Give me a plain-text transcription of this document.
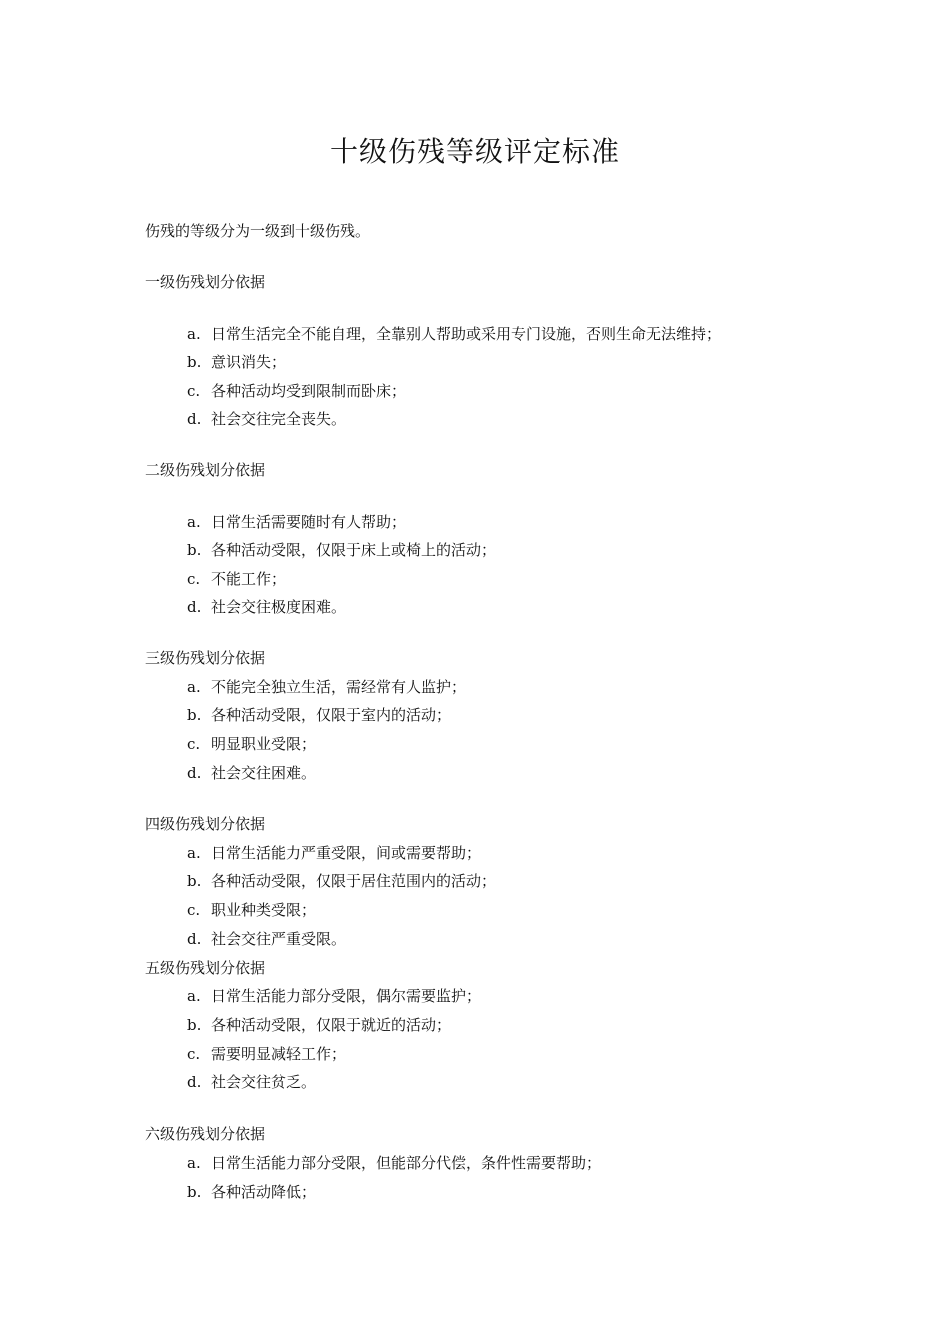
十级伤残等级评定标准
伤残的等级分为一级到十级伤残。
一级伤残划分依据
a. 日常生活完全不能自理，全靠别人帮助或采用专门设施，否则生命无法维持；
b. 意识消失；
c. 各种活动均受到限制而卧床；
d. 社会交往完全丧失。
二级伤残划分依据
a. 日常生活需要随时有人帮助；
b. 各种活动受限，仅限于床上或椅上的活动；
c. 不能工作；
d. 社会交往极度困难。
三级伤残划分依据
a. 不能完全独立生活，需经常有人监护；
b. 各种活动受限，仅限于室内的活动；
c. 明显职业受限；
d. 社会交往困难。
四级伤残划分依据
a. 日常生活能力严重受限，间或需要帮助；
b. 各种活动受限，仅限于居住范围内的活动；
c. 职业种类受限；
d. 社会交往严重受限。
五级伤残划分依据
a. 日常生活能力部分受限，偶尔需要监护；
b. 各种活动受限，仅限于就近的活动；
c. 需要明显减轻工作；
d. 社会交往贫乏。
六级伤残划分依据
a. 日常生活能力部分受限，但能部分代偿，条件性需要帮助；
b. 各种活动降低；
